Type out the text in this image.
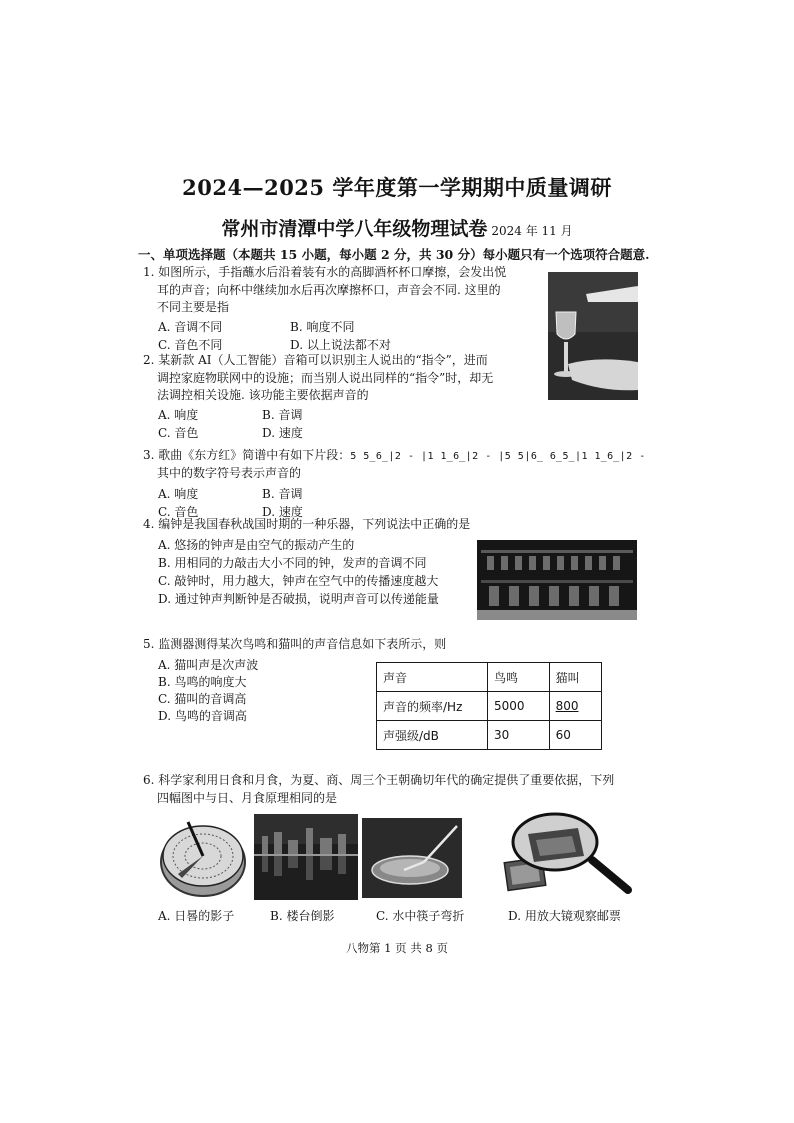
2024—2025 学年度第一学期期中质量调研
常州市清潭中学八年级物理试卷 2024 年 11 月
一、单项选择题（本题共 15 小题，每小题 2 分，共 30 分）每小题只有一个选项符合题意.
1. 如图所示，手指蘸水后沿着装有水的高脚酒杯杯口摩擦，会发出悦
耳的声音；向杯中继续加水后再次摩擦杯口，声音会不同. 这里的
不同主要是指
A. 音调不同	B. 响度不同
C. 音色不同	D. 以上说法都不对
2. 某新款 AI（人工智能）音箱可以识别主人说出的“指令”，进而
调控家庭物联网中的设施；而当别人说出同样的“指令”时，却无
法调控相关设施. 该功能主要依据声音的
A. 响度	B. 音调
C. 音色	D. 速度
3. 歌曲《东方红》简谱中有如下片段：5 5̲6̲|2 - |1 1̲6̲|2 - |5 5|6̲ 6̲5̲|1 1̲6̲|2 -
其中的数字符号表示声音的
A. 响度	B. 音调
C. 音色	D. 速度
4. 编钟是我国春秋战国时期的一种乐器，下列说法中正确的是
A. 悠扬的钟声是由空气的振动产生的
B. 用相同的力敲击大小不同的钟，发声的音调不同
C. 敲钟时，用力越大，钟声在空气中的传播速度越大
D. 通过钟声判断钟是否破损，说明声音可以传递能量
5. 监测器测得某次鸟鸣和猫叫的声音信息如下表所示，则
A. 猫叫声是次声波
B. 鸟鸣的响度大
C. 猫叫的音调高
D. 鸟鸣的音调高
声音	鸟鸣	猫叫
声音的频率/Hz	5000	800
声强级/dB	30	60
6. 科学家利用日食和月食，为夏、商、周三个王朝确切年代的确定提供了重要依据，下列
四幅图中与日、月食原理相同的是
A. 日晷的影子	B. 楼台倒影	C. 水中筷子弯折	D. 用放大镜观察邮票
八物第 1 页 共 8 页
